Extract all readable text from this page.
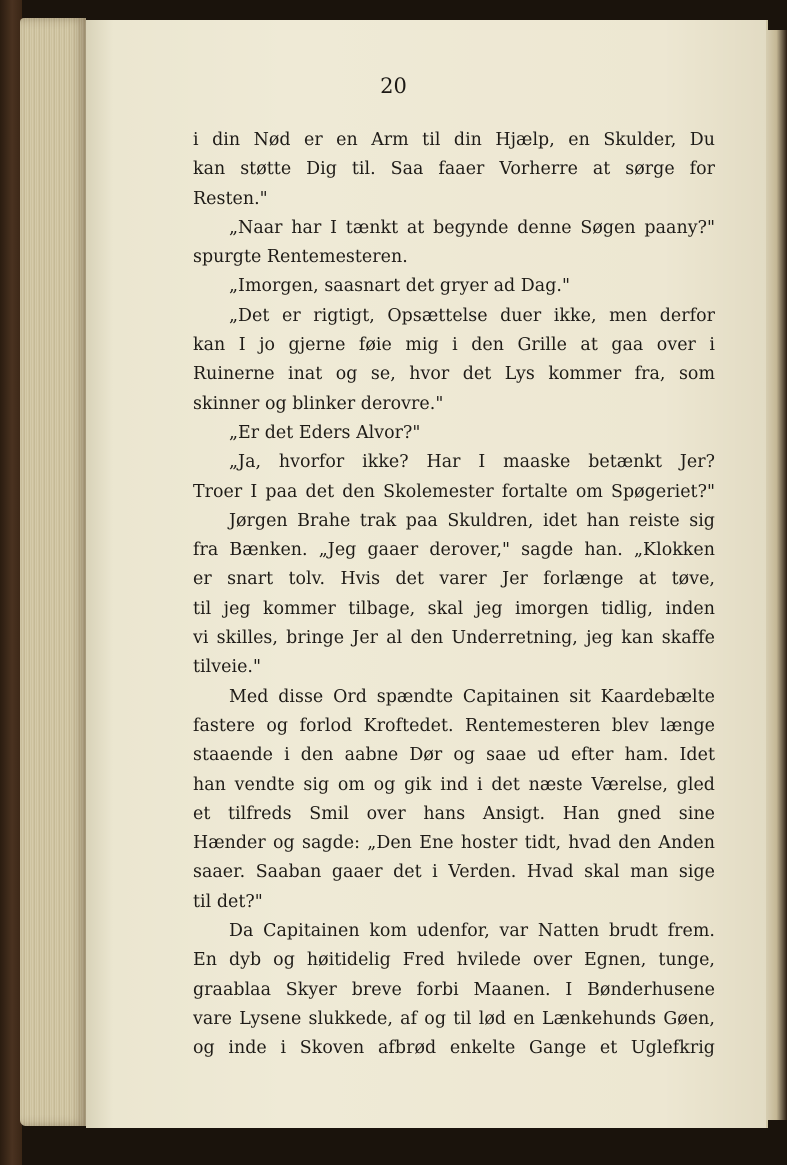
20
i din Nød er en Arm til din Hjælp, en Skulder, Du
kan støtte Dig til. Saa faaer Vorherre at sørge for
Resten."
„Naar har I tænkt at begynde denne Søgen paany?"
spurgte Rentemesteren.
„Imorgen, saasnart det gryer ad Dag."
„Det er rigtigt, Opsættelse duer ikke, men derfor
kan I jo gjerne føie mig i den Grille at gaa over i
Ruinerne inat og se, hvor det Lys kommer fra, som
skinner og blinker derovre."
„Er det Eders Alvor?"
„Ja, hvorfor ikke? Har I maaske betænkt Jer?
Troer I paa det den Skolemester fortalte om Spøgeriet?"
Jørgen Brahe trak paa Skuldren, idet han reiste sig
fra Bænken. „Jeg gaaer derover," sagde han. „Klokken
er snart tolv. Hvis det varer Jer forlænge at tøve,
til jeg kommer tilbage, skal jeg imorgen tidlig, inden
vi skilles, bringe Jer al den Underretning, jeg kan skaffe
tilveie."
Med disse Ord spændte Capitainen sit Kaardebælte
fastere og forlod Kroftedet. Rentemesteren blev længe
staaende i den aabne Dør og saae ud efter ham. Idet
han vendte sig om og gik ind i det næste Værelse, gled
et tilfreds Smil over hans Ansigt. Han gned sine
Hænder og sagde: „Den Ene hoster tidt, hvad den Anden
saaer. Saaban gaaer det i Verden. Hvad skal man sige
til det?"
Da Capitainen kom udenfor, var Natten brudt frem.
En dyb og høitidelig Fred hvilede over Egnen, tunge,
graablaa Skyer breve forbi Maanen. I Bønderhusene
vare Lysene slukkede, af og til lød en Lænkehunds Gøen,
og inde i Skoven afbrød enkelte Gange et Uglefkrig
